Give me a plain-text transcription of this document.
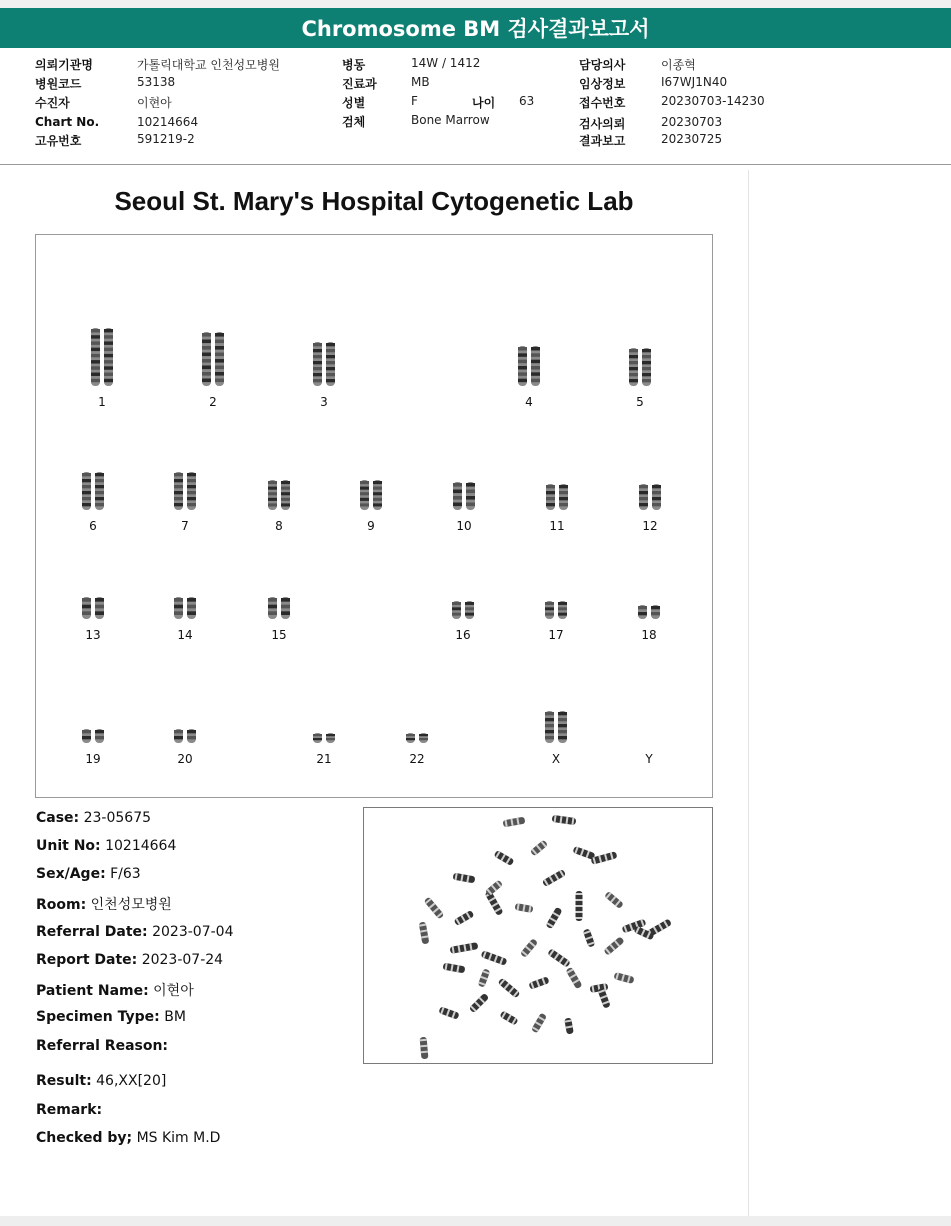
Chromosome BM 검사결과보고서
의뢰기관명	가톨릭대학교 인천성모병원
병원코드	53138
수진자	이현아
Chart No.	10214664
고유번호	591219-2
병동	14W / 1412
진료과	MB
성별	F	나이 63
검체	Bone Marrow
담당의사	이종혁
임상정보	I67WJ1N40
접수번호	20230703-14230
검사의뢰	20230703
결과보고	20230725
Seoul St. Mary's Hospital Cytogenetic Lab
1	2	3	4	5
6	7	8	9	10	11	12
13	14	15	16	17	18
19	20	21	22	X	Y
Case: 23-05675
Unit No: 10214664
Sex/Age: F/63
Room: 인천성모병원
Referral Date: 2023-07-04
Report Date: 2023-07-24
Patient Name: 이현아
Specimen Type: BM
Referral Reason:
Result: 46,XX[20]
Remark:
Checked by; MS Kim M.D
